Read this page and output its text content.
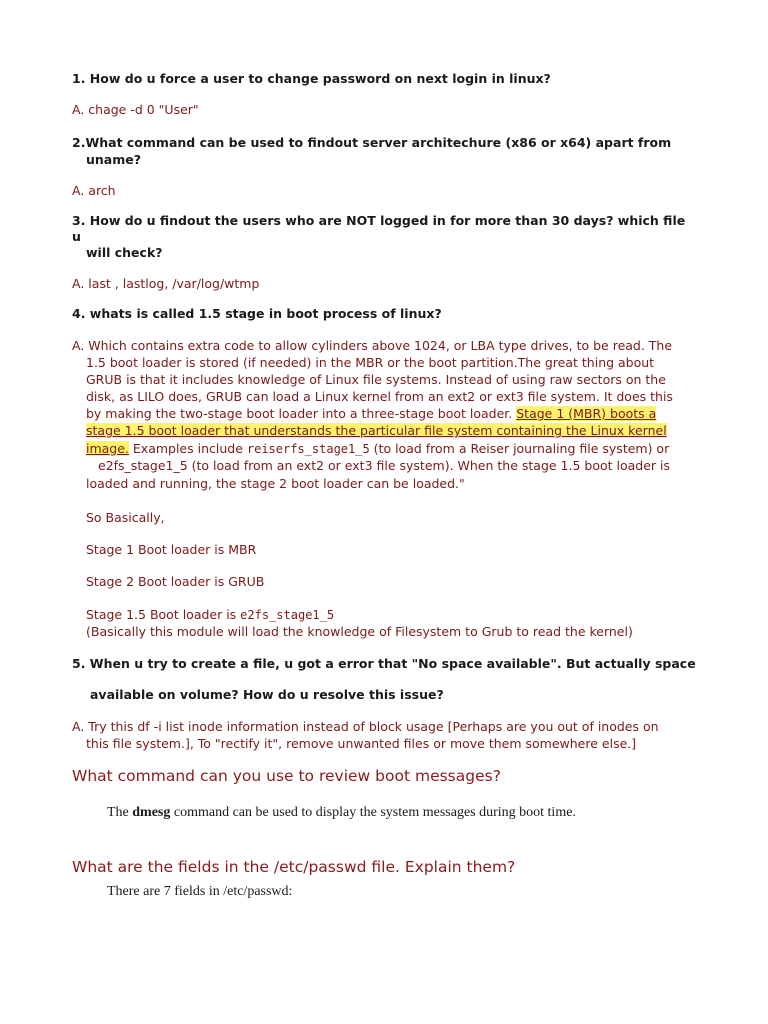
1. How do u force a user to change password on next login in linux?

A. chage -d 0 "User"

2.What command can be used to findout server architechure (x86 or x64) apart from

uname?

A. arch

3. How do u findout the users who are NOT logged in for more than 30 days? which file

u

will check?

A. last , lastlog, /var/log/wtmp

4. whats is called 1.5 stage in boot process of linux?

A. Which contains extra code to allow cylinders above 1024, or LBA type drives, to be read. The

1.5 boot loader is stored (if needed) in the MBR or the boot partition.The great thing about

GRUB is that it includes knowledge of Linux file systems. Instead of using raw sectors on the

disk, as LILO does, GRUB can load a Linux kernel from an ext2 or ext3 file system. It does this

by making the two-stage boot loader into a three-stage boot loader. Stage 1 (MBR) boots a

stage 1.5 boot loader that understands the particular file system containing the Linux kernel

image. Examples include reiserfs_stage1_5 (to load from a Reiser journaling file system) or

e2fs_stage1_5 (to load from an ext2 or ext3 file system). When the stage 1.5 boot loader is

loaded and running, the stage 2 boot loader can be loaded."

So Basically,

Stage 1 Boot loader is MBR

Stage 2 Boot loader is GRUB

Stage 1.5 Boot loader is e2fs_stage1_5

(Basically this module will load the knowledge of Filesystem to Grub to read the kernel)

5. When u try to create a file, u got a error that "No space available". But actually space

available on volume? How do u resolve this issue?

A. Try this df -i list inode information instead of block usage [Perhaps are you out of inodes on

this file system.], To "rectify it", remove unwanted files or move them somewhere else.]

What command can you use to review boot messages?

The dmesg command can be used to display the system messages during boot time.

What are the fields in the /etc/passwd file. Explain them?

There are 7 fields in /etc/passwd:
